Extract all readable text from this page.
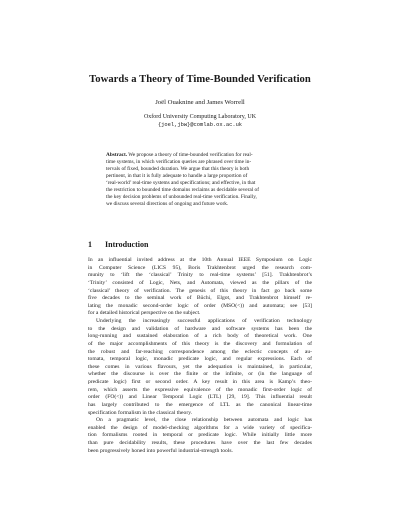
Towards a Theory of Time-Bounded Verification
Joël Ouaknine and James Worrell
Oxford University Computing Laboratory, UK
{joel,jbw}@comlab.ox.ac.uk
Abstract. We propose a theory of time-bounded verification for real-
time systems, in which verification queries are phrased over time in-
tervals of fixed, bounded duration. We argue that this theory is both
pertinent, in that it is fully adequate to handle a large proportion of
‘real-world’ real-time systems and specifications; and effective, in that
the restriction to bounded time domains reclaims as decidable several of
the key decision problems of unbounded real-time verification. Finally,
we discuss several directions of ongoing and future work.
1 Introduction
In an influential invited address at the 10th Annual IEEE Symposium on Logic
in Computer Science (LICS 95), Boris Trakhtenbrot urged the research com-
munity to ‘lift the ‘classical’ Trinity to real-time systems’ [51]. Trakhtenbrot’s
‘Trinity’ consisted of Logic, Nets, and Automata, viewed as the pillars of the
‘classical’ theory of verification. The genesis of this theory in fact go back some
five decades to the seminal work of Büchi, Elgot, and Trakhtenbrot himself re-
lating the monadic second-order logic of order (MSO(<)) and automata; see [53]
for a detailed historical perspective on the subject.
Underlying the increasingly successful applications of verification technology
to the design and validation of hardware and software systems has been the
long-running and sustained elaboration of a rich body of theoretical work. One
of the major accomplishments of this theory is the discovery and formulation of
the robust and far-reaching correspondence among the eclectic concepts of au-
tomata, temporal logic, monadic predicate logic, and regular expressions. Each of
these comes in various flavours, yet the adequation is maintained, in particular,
whether the discourse is over the finite or the infinite, or (in the language of
predicate logic) first or second order. A key result in this area is Kamp’s theo-
rem, which asserts the expressive equivalence of the monadic first-order logic of
order (FO(<)) and Linear Temporal Logic (LTL) [29, 19]. This influential result
has largely contributed to the emergence of LTL as the canonical linear-time
specification formalism in the classical theory.
On a pragmatic level, the close relationship between automata and logic has
enabled the design of model-checking algorithms for a wide variety of specifica-
tion formalisms rooted in temporal or predicate logic. While initially little more
than pure decidability results, these procedures have over the last few decades
been progressively honed into powerful industrial-strength tools.
